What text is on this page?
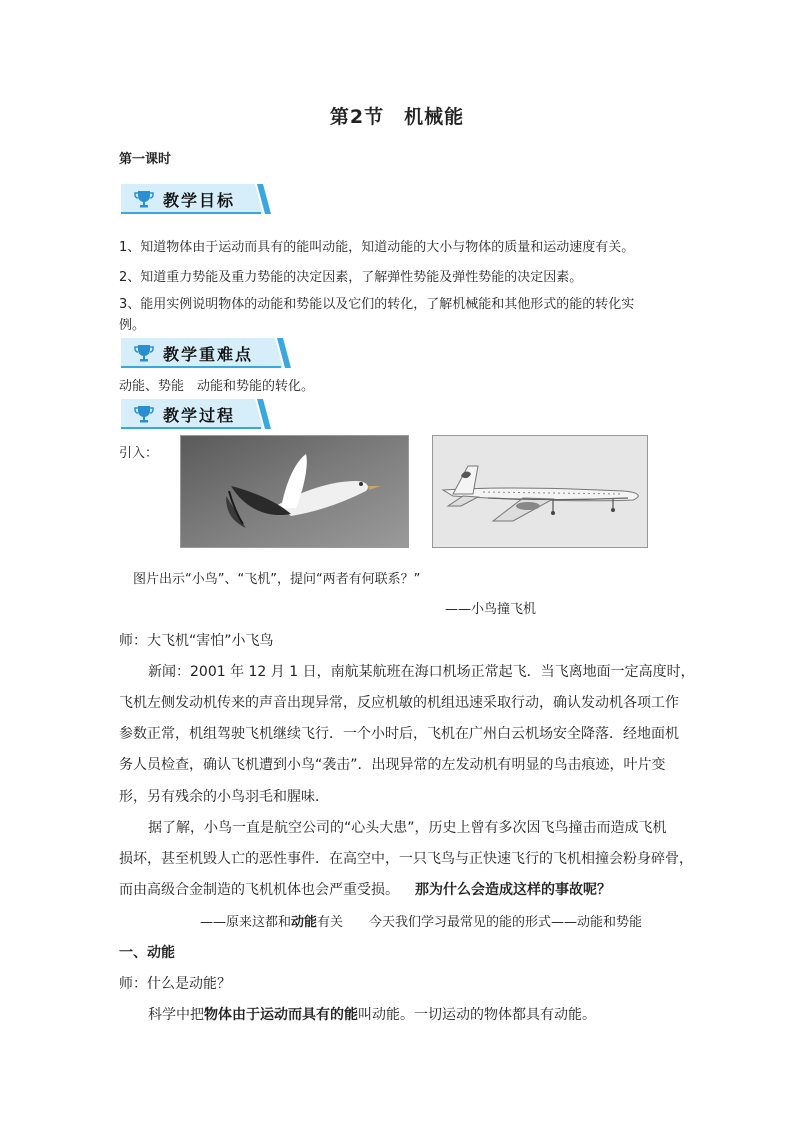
第2节　机械能
第一课时
教学目标
1、知道物体由于运动而具有的能叫动能，知道动能的大小与物体的质量和运动速度有关。
2、知道重力势能及重力势能的决定因素，了解弹性势能及弹性势能的决定因素。
3、能用实例说明物体的动能和势能以及它们的转化，了解机械能和其他形式的能的转化实
例。
教学重难点
动能、势能　动能和势能的转化。
教学过程
引入：
图片出示“小鸟”、“飞机”，提问“两者有何联系？”
——小鸟撞飞机
师：大飞机“害怕”小飞鸟
新闻：2001 年 12 月 1 日，南航某航班在海口机场正常起飞．当飞离地面一定高度时，
飞机左侧发动机传来的声音出现异常，反应机敏的机组迅速采取行动，确认发动机各项工作
参数正常，机组驾驶飞机继续飞行．一个小时后，飞机在广州白云机场安全降落．经地面机
务人员检查，确认飞机遭到小鸟“袭击”．出现异常的左发动机有明显的鸟击痕迹，叶片变
形，另有残余的小鸟羽毛和腥味．
据了解，小鸟一直是航空公司的“心头大患”，历史上曾有多次因飞鸟撞击而造成飞机
损坏，甚至机毁人亡的恶性事件．在高空中，一只飞鸟与正快速飞行的飞机相撞会粉身碎骨，
而由高级合金制造的飞机机体也会严重受损。 那为什么会造成这样的事故呢？
——原来这都和动能有关　　今天我们学习最常见的能的形式——动能和势能
一、动能
师：什么是动能？
科学中把物体由于运动而具有的能叫动能。一切运动的物体都具有动能。
